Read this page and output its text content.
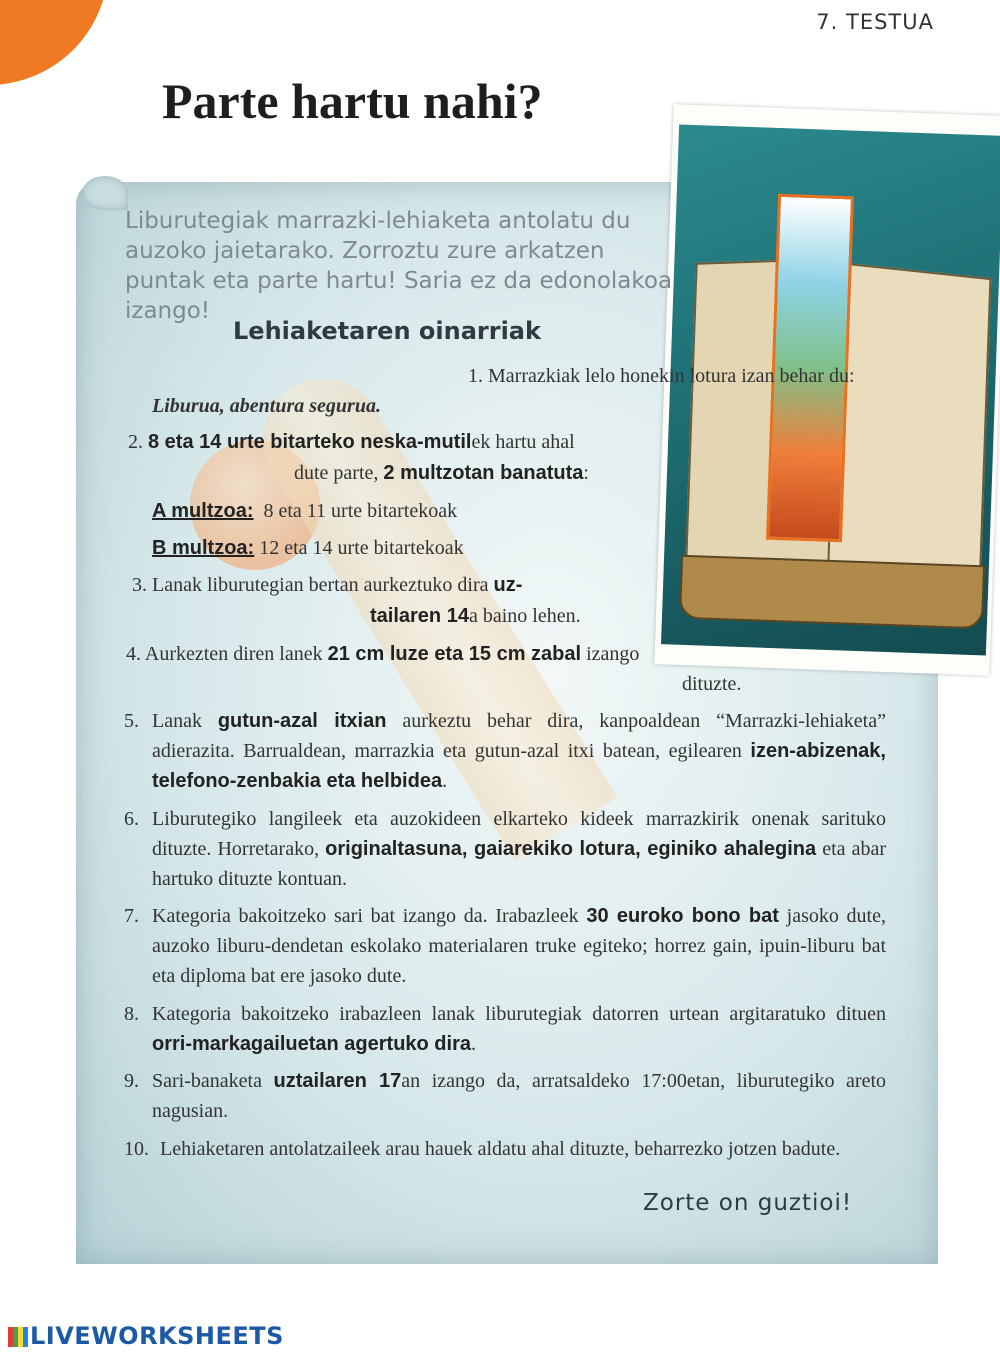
7. TESTUA
Parte hartu nahi?

Liburutegiak marrazki-lehiaketa antolatu du auzoko jaietarako. Zorroztu zure arkatzen puntak eta parte hartu! Saria ez da edonolakoa izango!

Lehiaketaren oinarriak

1. Marrazkiak lelo honekin lotura izan behar du:

Liburua, abentura segurua.

2. 8 eta 14 urte bitarteko neska-mutilek hartu ahal

dute parte, 2 multzotan banatuta:

A multzoa: 8 eta 11 urte bitartekoak

B multzoa: 12 eta 14 urte bitartekoak

3. Lanak liburutegian bertan aurkeztuko dira uz-

tailaren 14a baino lehen.

4. Aurkezten diren lanek 21 cm luze eta 15 cm zabal izango

dituzte.

5. Lanak gutun-azal itxian aurkeztu behar dira, kanpoaldean “Marrazki-lehiaketa” adierazita. Barrualdean, marrazkia eta gutun-azal itxi batean, egilearen izen-abizenak, telefono-zenbakia eta helbidea.

6. Liburutegiko langileek eta auzokideen elkarteko kideek marrazkirik onenak sarituko dituzte. Horretarako, originaltasuna, gaiarekiko lotura, eginiko ahalegina eta abar hartuko dituzte kontuan.

7. Kategoria bakoitzeko sari bat izango da. Irabazleek 30 euroko bono bat jasoko dute, auzoko liburu-dendetan eskolako materialaren truke egiteko; horrez gain, ipuin-liburu bat eta diploma bat ere jasoko dute.

8. Kategoria bakoitzeko irabazleen lanak liburutegiak datorren urtean argitaratuko dituen orri-markagailuetan agertuko dira.

9. Sari-banaketa uztailaren 17an izango da, arratsaldeko 17:00etan, liburutegiko areto nagusian.

10. Lehiaketaren antolatzaileek arau hauek aldatu ahal dituzte, beharrezko jotzen badute.

Zorte on guztioi!
LIVEWORKSHEETS
